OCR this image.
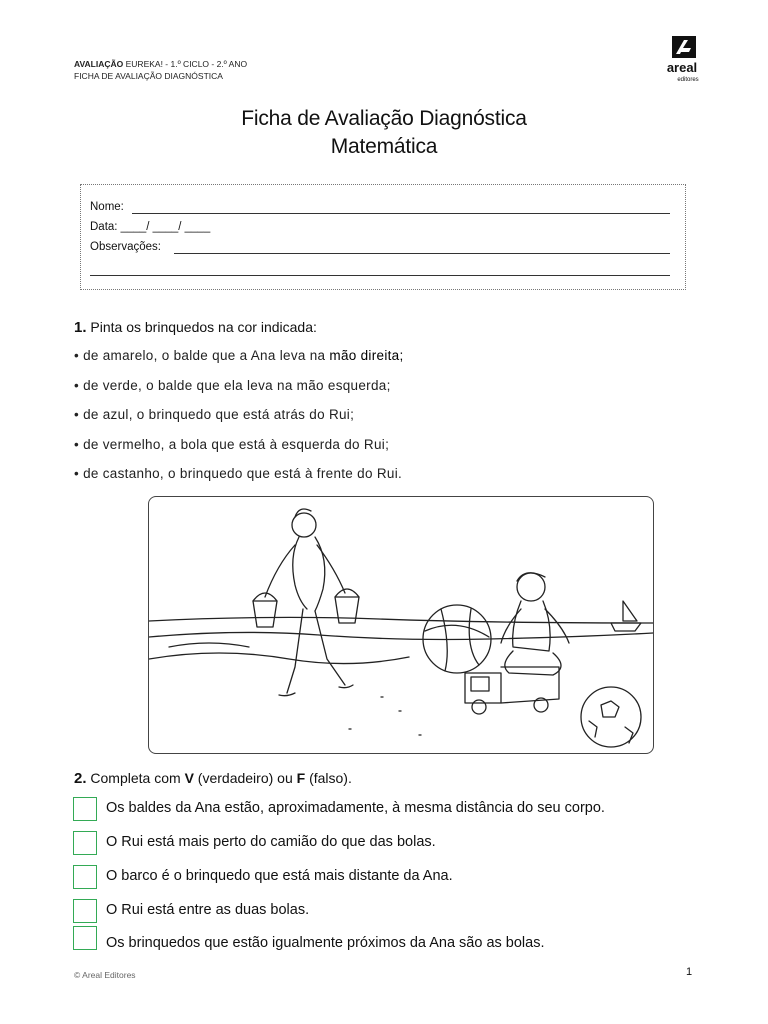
AVALIAÇÃO EUREKA! - 1.º CICLO - 2.º ANO
FICHA DE AVALIAÇÃO DIAGNÓSTICA
areal
editores
Ficha de Avaliação Diagnóstica
Matemática
Nome:
Data: ____/ ____/ ____
Observações:
1. Pinta os brinquedos na cor indicada:
• de amarelo, o balde que a Ana leva na mão direita;
• de verde, o balde que ela leva na mão esquerda;
• de azul, o brinquedo que está atrás do Rui;
• de vermelho, a bola que está à esquerda do Rui;
• de castanho, o brinquedo que está à frente do Rui.
2. Completa com V (verdadeiro) ou F (falso).
Os baldes da Ana estão, aproximadamente, à mesma distância do seu corpo.
O Rui está mais perto do camião do que das bolas.
O barco é o brinquedo que está mais distante da Ana.
O Rui está entre as duas bolas.
Os brinquedos que estão igualmente próximos da Ana são as bolas.
© Areal Editores	1
